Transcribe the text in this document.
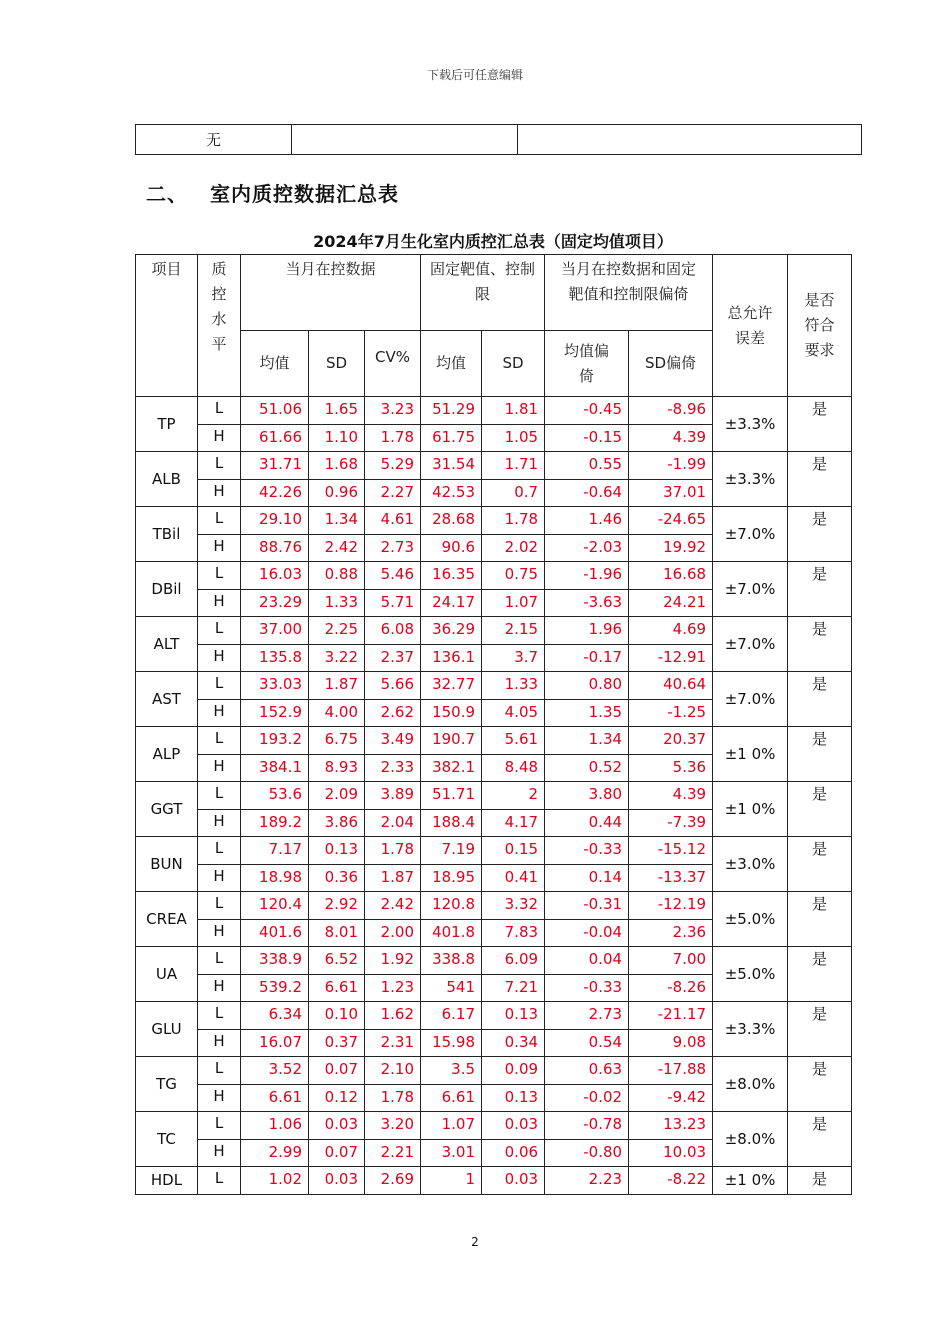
下载后可任意编辑
无		
二、 室内质控数据汇总表
2024年7月生化室内质控汇总表（固定均值项目）
项目	质控水平	当月在控数据			固定靶值、控制限		当月在控数据和固定靶值和控制限偏倚		总允许误差	是否符合要求
		均值	SD	CV%	均值	SD	均值偏倚	SD偏倚		
TP	L	51.06	1.65	3.23	51.29	1.81	-0.45	-8.96	±3.3%	是
	H	61.66	1.10	1.78	61.75	1.05	-0.15	4.39		
ALB	L	31.71	1.68	5.29	31.54	1.71	0.55	-1.99	±3.3%	是
	H	42.26	0.96	2.27	42.53	0.7	-0.64	37.01		
TBil	L	29.10	1.34	4.61	28.68	1.78	1.46	-24.65	±7.0%	是
	H	88.76	2.42	2.73	90.6	2.02	-2.03	19.92		
DBil	L	16.03	0.88	5.46	16.35	0.75	-1.96	16.68	±7.0%	是
	H	23.29	1.33	5.71	24.17	1.07	-3.63	24.21		
ALT	L	37.00	2.25	6.08	36.29	2.15	1.96	4.69	±7.0%	是
	H	135.8	3.22	2.37	136.1	3.7	-0.17	-12.91		
AST	L	33.03	1.87	5.66	32.77	1.33	0.80	40.64	±7.0%	是
	H	152.9	4.00	2.62	150.9	4.05	1.35	-1.25		
ALP	L	193.2	6.75	3.49	190.7	5.61	1.34	20.37	±1 0%	是
	H	384.1	8.93	2.33	382.1	8.48	0.52	5.36		
GGT	L	53.6	2.09	3.89	51.71	2	3.80	4.39	±1 0%	是
	H	189.2	3.86	2.04	188.4	4.17	0.44	-7.39		
BUN	L	7.17	0.13	1.78	7.19	0.15	-0.33	-15.12	±3.0%	是
	H	18.98	0.36	1.87	18.95	0.41	0.14	-13.37		
CREA	L	120.4	2.92	2.42	120.8	3.32	-0.31	-12.19	±5.0%	是
	H	401.6	8.01	2.00	401.8	7.83	-0.04	2.36		
UA	L	338.9	6.52	1.92	338.8	6.09	0.04	7.00	±5.0%	是
	H	539.2	6.61	1.23	541	7.21	-0.33	-8.26		
GLU	L	6.34	0.10	1.62	6.17	0.13	2.73	-21.17	±3.3%	是
	H	16.07	0.37	2.31	15.98	0.34	0.54	9.08		
TG	L	3.52	0.07	2.10	3.5	0.09	0.63	-17.88	±8.0%	是
	H	6.61	0.12	1.78	6.61	0.13	-0.02	-9.42		
TC	L	1.06	0.03	3.20	1.07	0.03	-0.78	13.23	±8.0%	是
	H	2.99	0.07	2.21	3.01	0.06	-0.80	10.03		
HDL	L	1.02	0.03	2.69	1	0.03	2.23	-8.22	±1 0%	是
2
